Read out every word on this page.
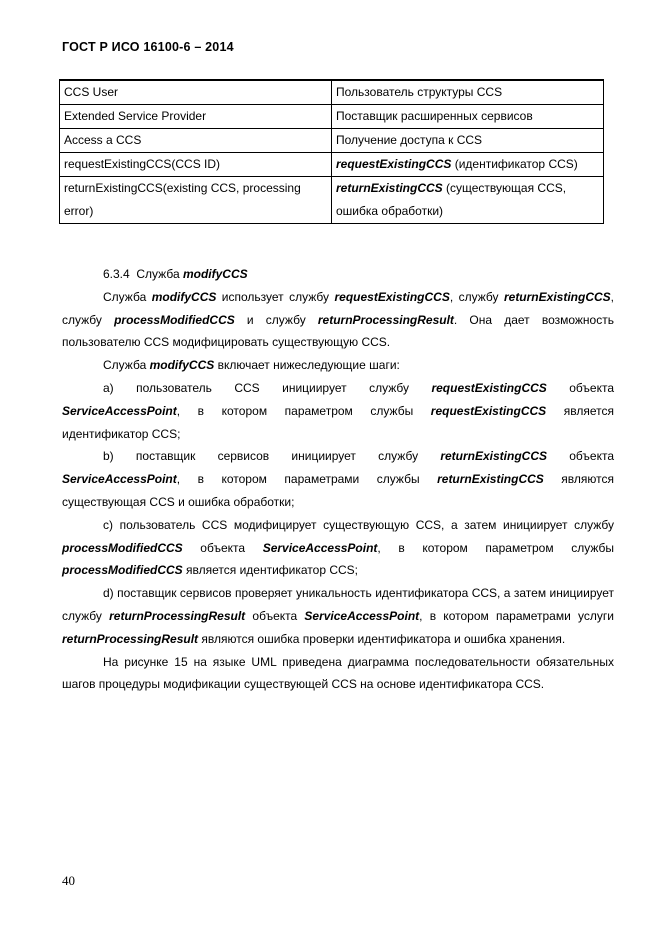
ГОСТ Р ИСО 16100-6 – 2014
CCS User	Пользователь структуры CCS
Extended Service Provider	Поставщик расширенных сервисов
Access a CCS	Получение доступа к CCS
requestExistingCCS(CCS ID)	requestExistingCCS (идентификатор CCS)
returnExistingCCS(existing CCS, processing error)	returnExistingCCS (существующая CCS, ошибка обработки)

6.3.4 Служба modifyCCS

Служба modifyCCS использует службу requestExistingCCS, службу returnExistingCCS, службу processModifiedCCS и службу returnProcessingResult. Она дает возможность пользователю CCS модифицировать существующую CCS.

Служба modifyCCS включает нижеследующие шаги:

a) пользователь CCS инициирует службу requestExistingCCS объекта ServiceAccessPoint, в котором параметром службы requestExistingCCS является идентификатор CCS;

b) поставщик сервисов инициирует службу returnExistingCCS объекта ServiceAccessPoint, в котором параметрами службы returnExistingCCS являются существующая CCS и ошибка обработки;

c) пользователь CCS модифицирует существующую CCS, а затем инициирует службу processModifiedCCS объекта ServiceAccessPoint, в котором параметром службы processModifiedCCS является идентификатор CCS;

d) поставщик сервисов проверяет уникальность идентификатора CCS, а затем инициирует службу returnProcessingResult объекта ServiceAccessPoint, в котором параметрами услуги returnProcessingResult являются ошибка проверки идентификатора и ошибка хранения.

На рисунке 15 на языке UML приведена диаграмма последовательности обязательных шагов процедуры модификации существующей CCS на основе идентификатора CCS.

40
